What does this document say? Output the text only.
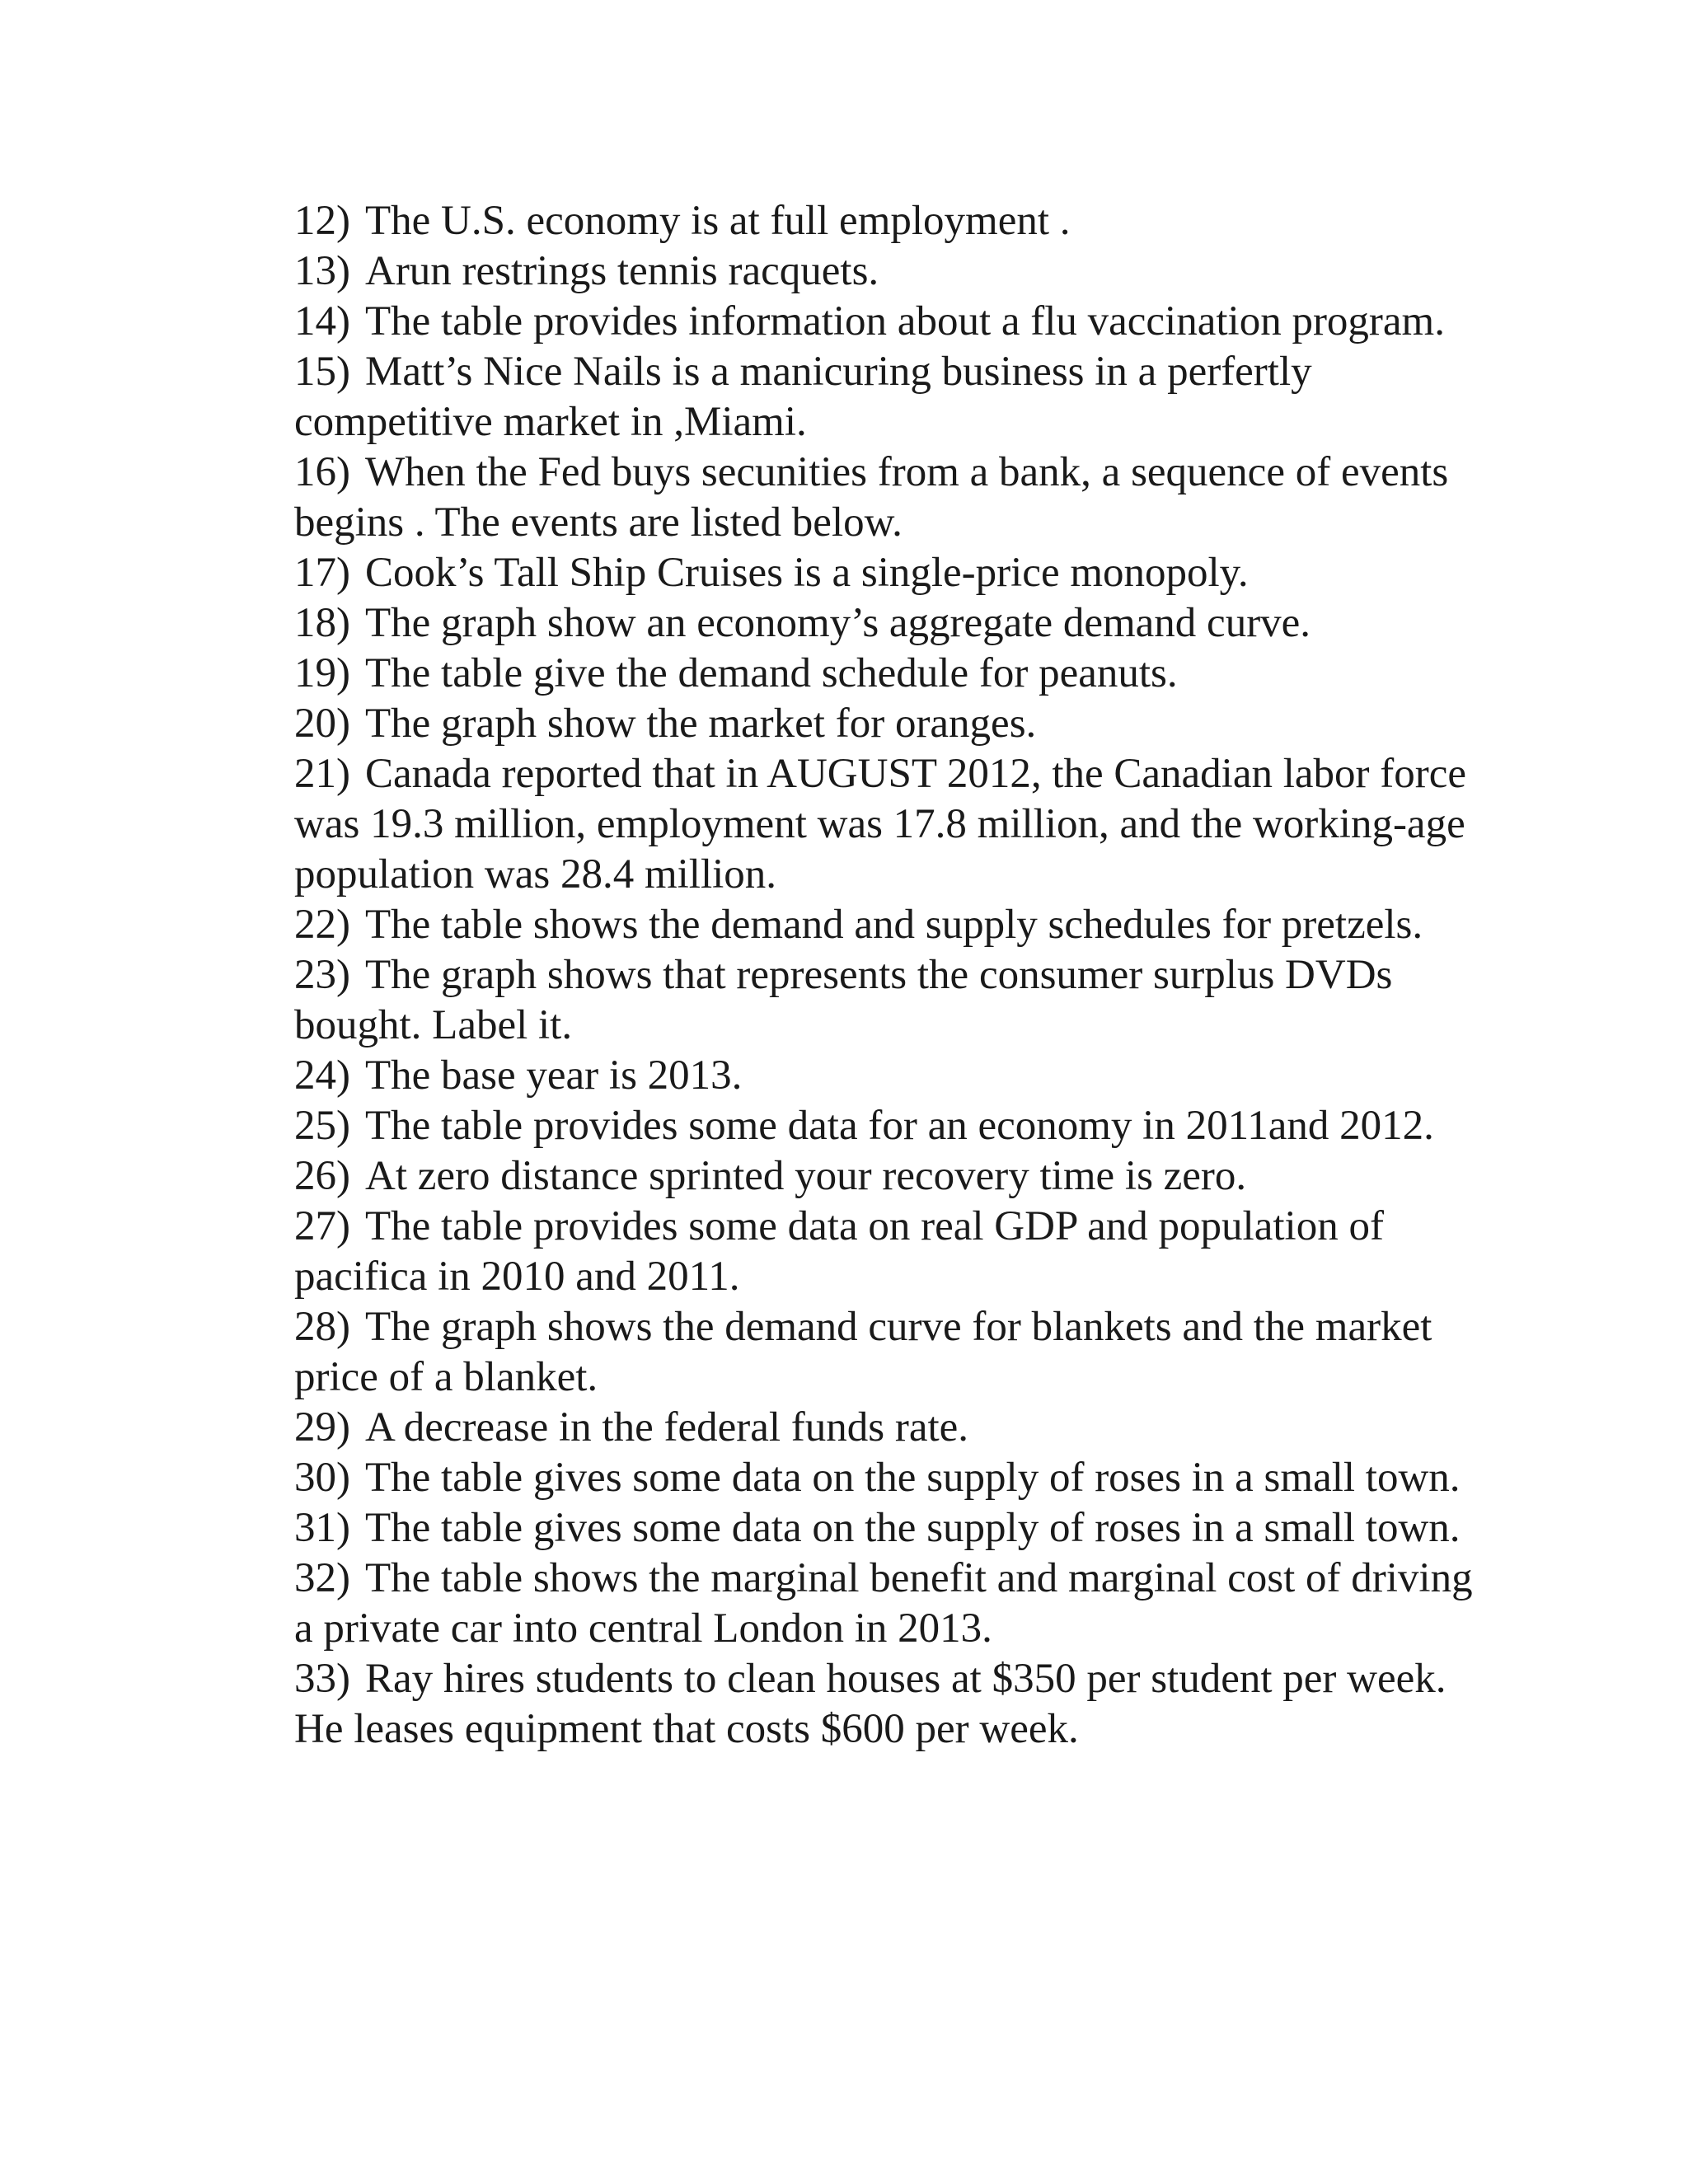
12) The U.S. economy is at full employment .

13) Arun restrings tennis racquets.

14) The table provides information about a flu vaccination program.

15) Matt’s Nice Nails is a manicuring business in a perfertly competitive market in ,Miami.

16) When the Fed buys secunities from a bank, a sequence of events begins . The events are listed below.

17) Cook’s Tall Ship Cruises is a single-price monopoly.

18) The graph show an economy’s aggregate demand curve.

19) The table give the demand schedule for peanuts.

20) The graph show the market for oranges.

21) Canada reported that in AUGUST 2012, the Canadian labor force was 19.3 million, employment was 17.8 million, and the working-age population was 28.4 million.

22) The table shows the demand and supply schedules for pretzels.

23) The graph shows that represents the consumer surplus DVDs bought. Label it.

24) The base year is 2013.

25) The table provides some data for an economy in 2011and 2012.

26) At zero distance sprinted your recovery time is zero.

27) The table provides some data on real GDP and population of pacifica in 2010 and 2011.

28) The graph shows the demand curve for blankets and the market price of a blanket.

29) A decrease in the federal funds rate.

30) The table gives some data on the supply of roses in a small town.

31) The table gives some data on the supply of roses in a small town.

32) The table shows the marginal benefit and marginal cost of driving a private car into central London in 2013.

33) Ray hires students to clean houses at $350 per student per week. He leases equipment that costs $600 per week.
